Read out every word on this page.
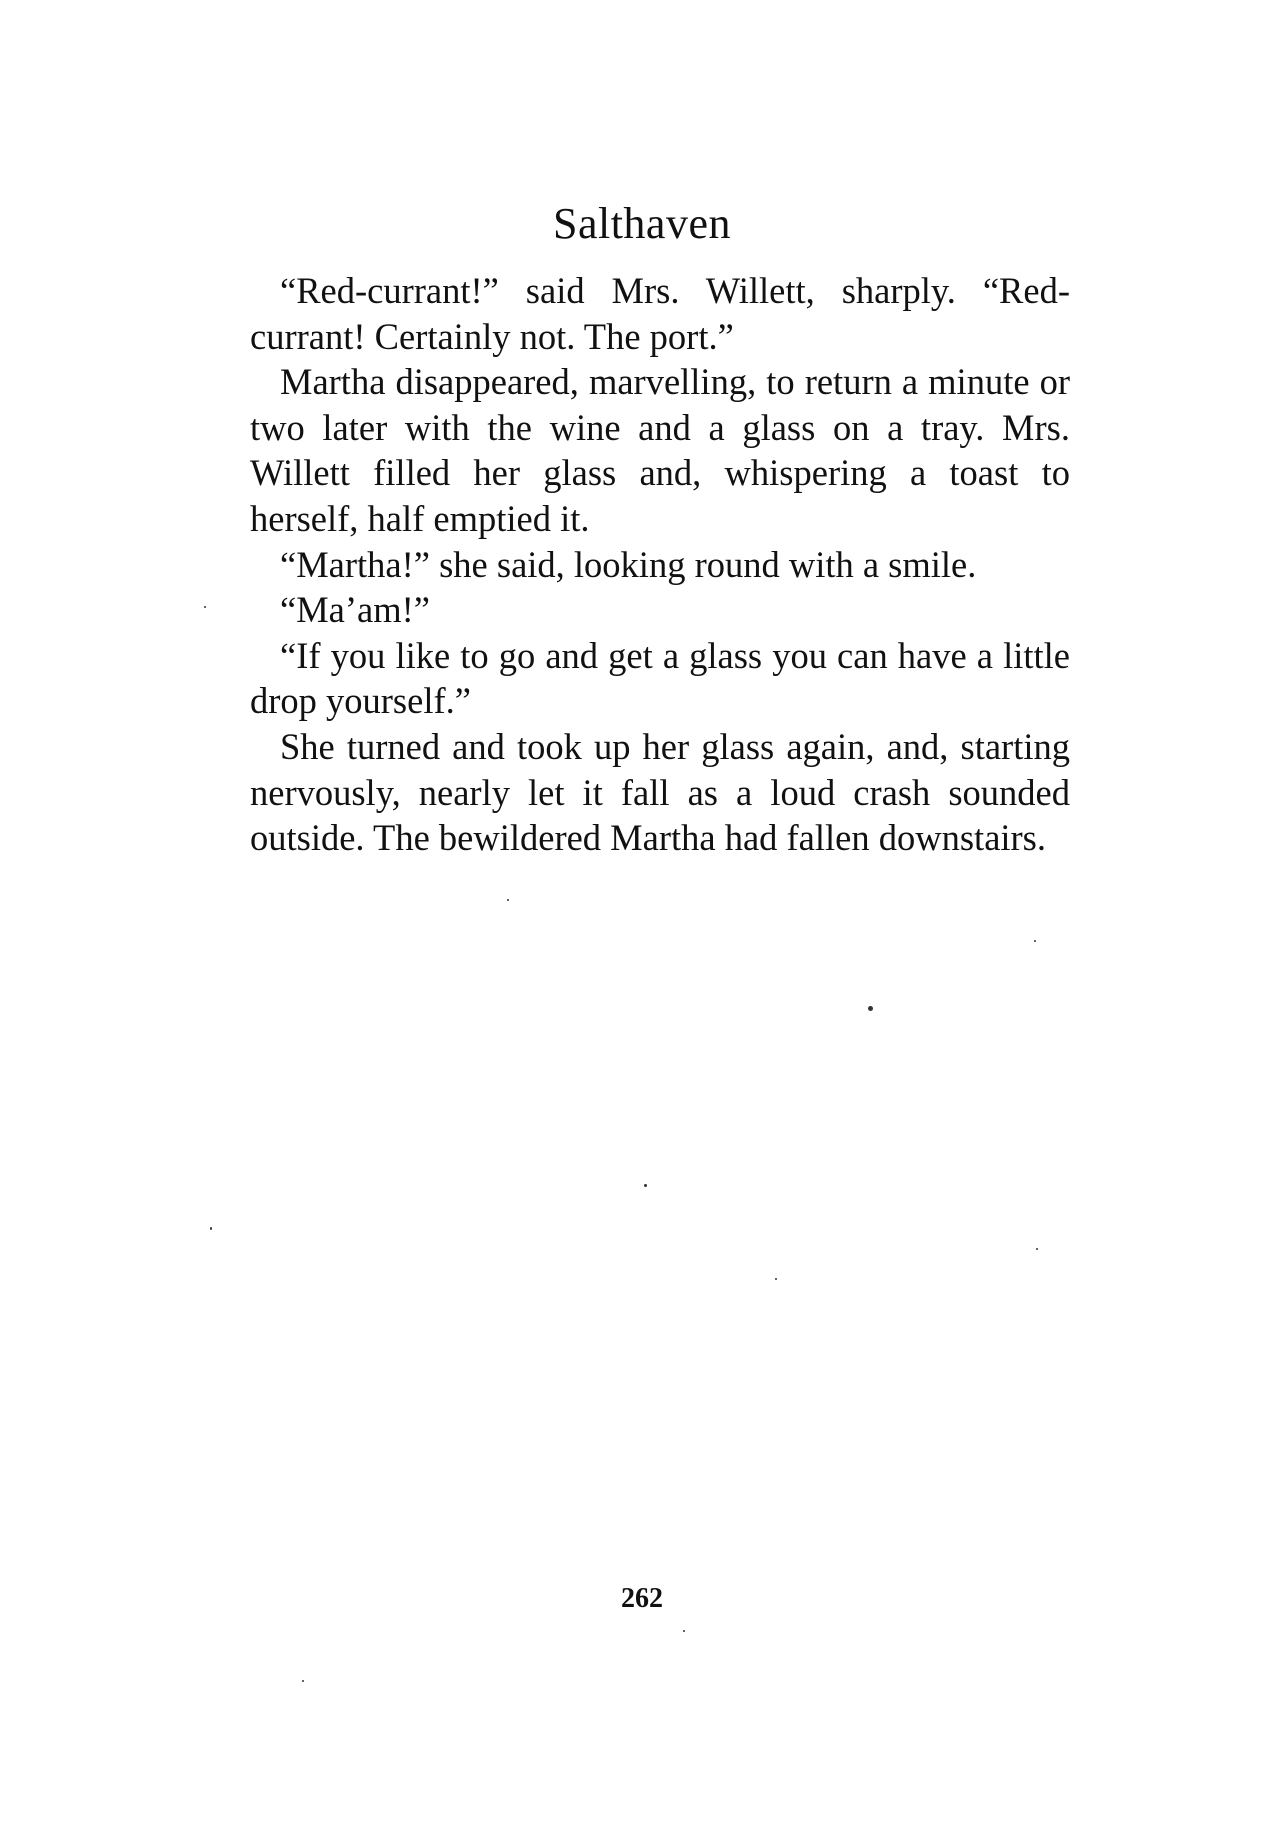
Salthaven

“Red-currant!” said Mrs. Willett, sharply. “Red-currant! Certainly not. The port.”

Martha disappeared, marvelling, to return a minute or two later with the wine and a glass on a tray. Mrs. Willett filled her glass and, whispering a toast to herself, half emptied it.

“Martha!” she said, looking round with a smile.

“Ma’am!”

“If you like to go and get a glass you can have a little drop yourself.”

She turned and took up her glass again, and, starting nervously, nearly let it fall as a loud crash sounded outside. The bewildered Martha had fallen downstairs.

262
